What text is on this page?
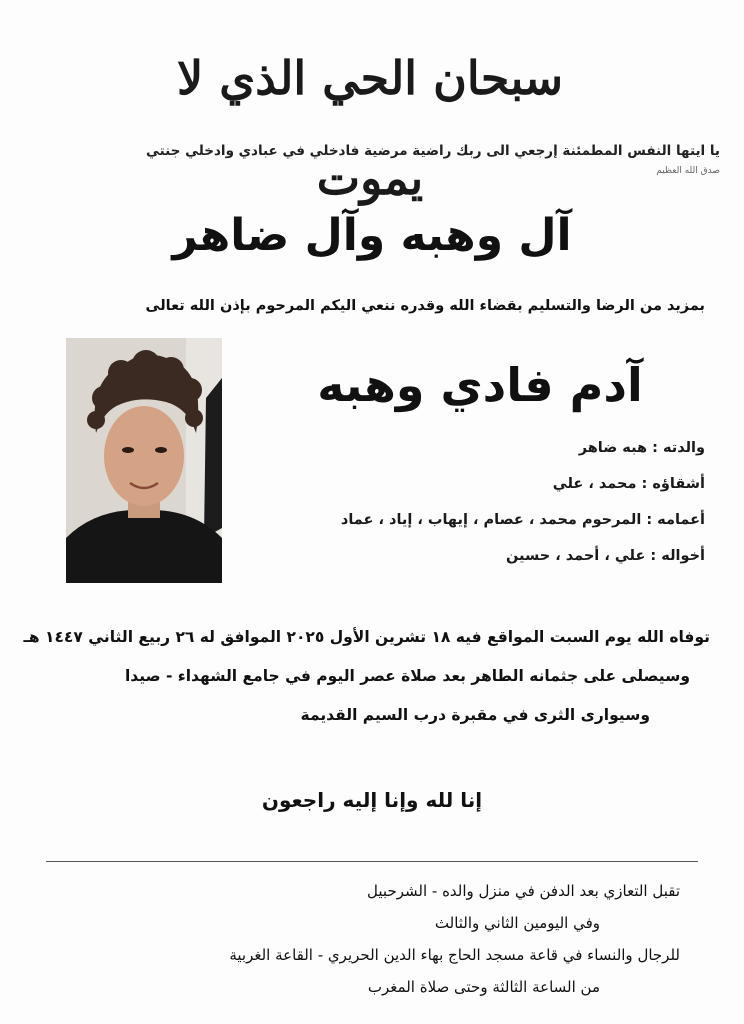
سبحان الحي الذي لا يموت
يا ايتها النفس المطمئنة إرجعي الى ربك راضية مرضية فادخلي في عبادي وادخلي جنتي
صدق الله العظيم
آل وهبه وآل ضاهر
بمزيد من الرضا والتسليم بقضاء الله وقدره ننعي اليكم المرحوم بإذن الله تعالى
آدم فادي وهبه
والدته : هبه ضاهر
أشقاؤه : محمد ، علي
أعمامه : المرحوم محمد ، عصام ، إيهاب ، إياد ، عماد
أخواله : علي ، أحمد ، حسين
توفاه الله يوم السبت المواقع فيه ١٨ تشرين الأول ٢٠٢٥ الموافق له ٢٦ ربيع الثاني ١٤٤٧ هـ
وسيصلى على جثمانه الطاهر بعد صلاة عصر اليوم في جامع الشهداء - صيدا
وسيوارى الثرى في مقبرة درب السيم القديمة
إنا لله وإنا إليه راجعون
تقبل التعازي بعد الدفن في منزل والده - الشرحبيل
وفي اليومين الثاني والثالث
للرجال والنساء في قاعة مسجد الحاج بهاء الدين الحريري - القاعة الغربية
من الساعة الثالثة وحتى صلاة المغرب
